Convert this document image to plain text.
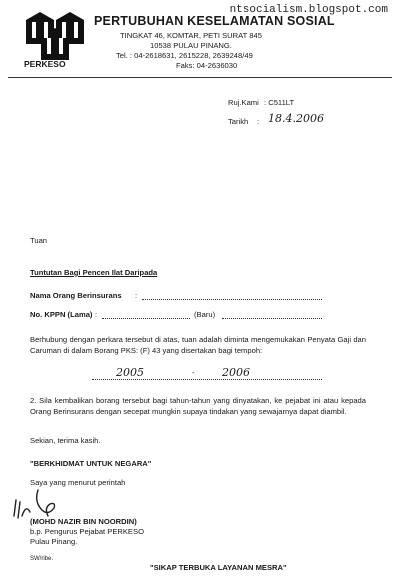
ntsocialism.blogspot.com
PERKESO
PERTUBUHAN KESELAMATAN SOSIAL
TINGKAT 46, KOMTAR, PETI SURAT 845
10538 PULAU PINANG.
Tel. : 04-2618631, 2615228, 2639248/49
Faks: 04-2636030
Ruj.Kami : C511LT
Tarikh : 18.4.2006
Tuan
Tuntutan Bagi Pencen Ilat Daripada
Nama Orang Berinsurans :
No. KPPN (Lama) :	(Baru)
Berhubung dengan perkara tersebut di atas, tuan adalah diminta mengemukakan Penyata Gaji dan Caruman di dalam Borang PKS: (F) 43 yang disertakan bagi tempoh:
2005	- 2006
2. Sila kembalikan borang tersebut bagi tahun-tahun yang dinyatakan, ke pejabat ini atau kepada Orang Berinsurans dengan secepat mungkin supaya tindakan yang sewajarnya dapat diambil.
Sekian, terima kasih.
"BERKHIDMAT UNTUK NEGARA"
Saya yang menurut perintah
(MOHD NAZIR BIN NOORDIN)
b.p. Pengurus Pejabat PERKESO
Pulau Pinang.
SW/ribe.
"SIKAP TERBUKA LAYANAN MESRA"
